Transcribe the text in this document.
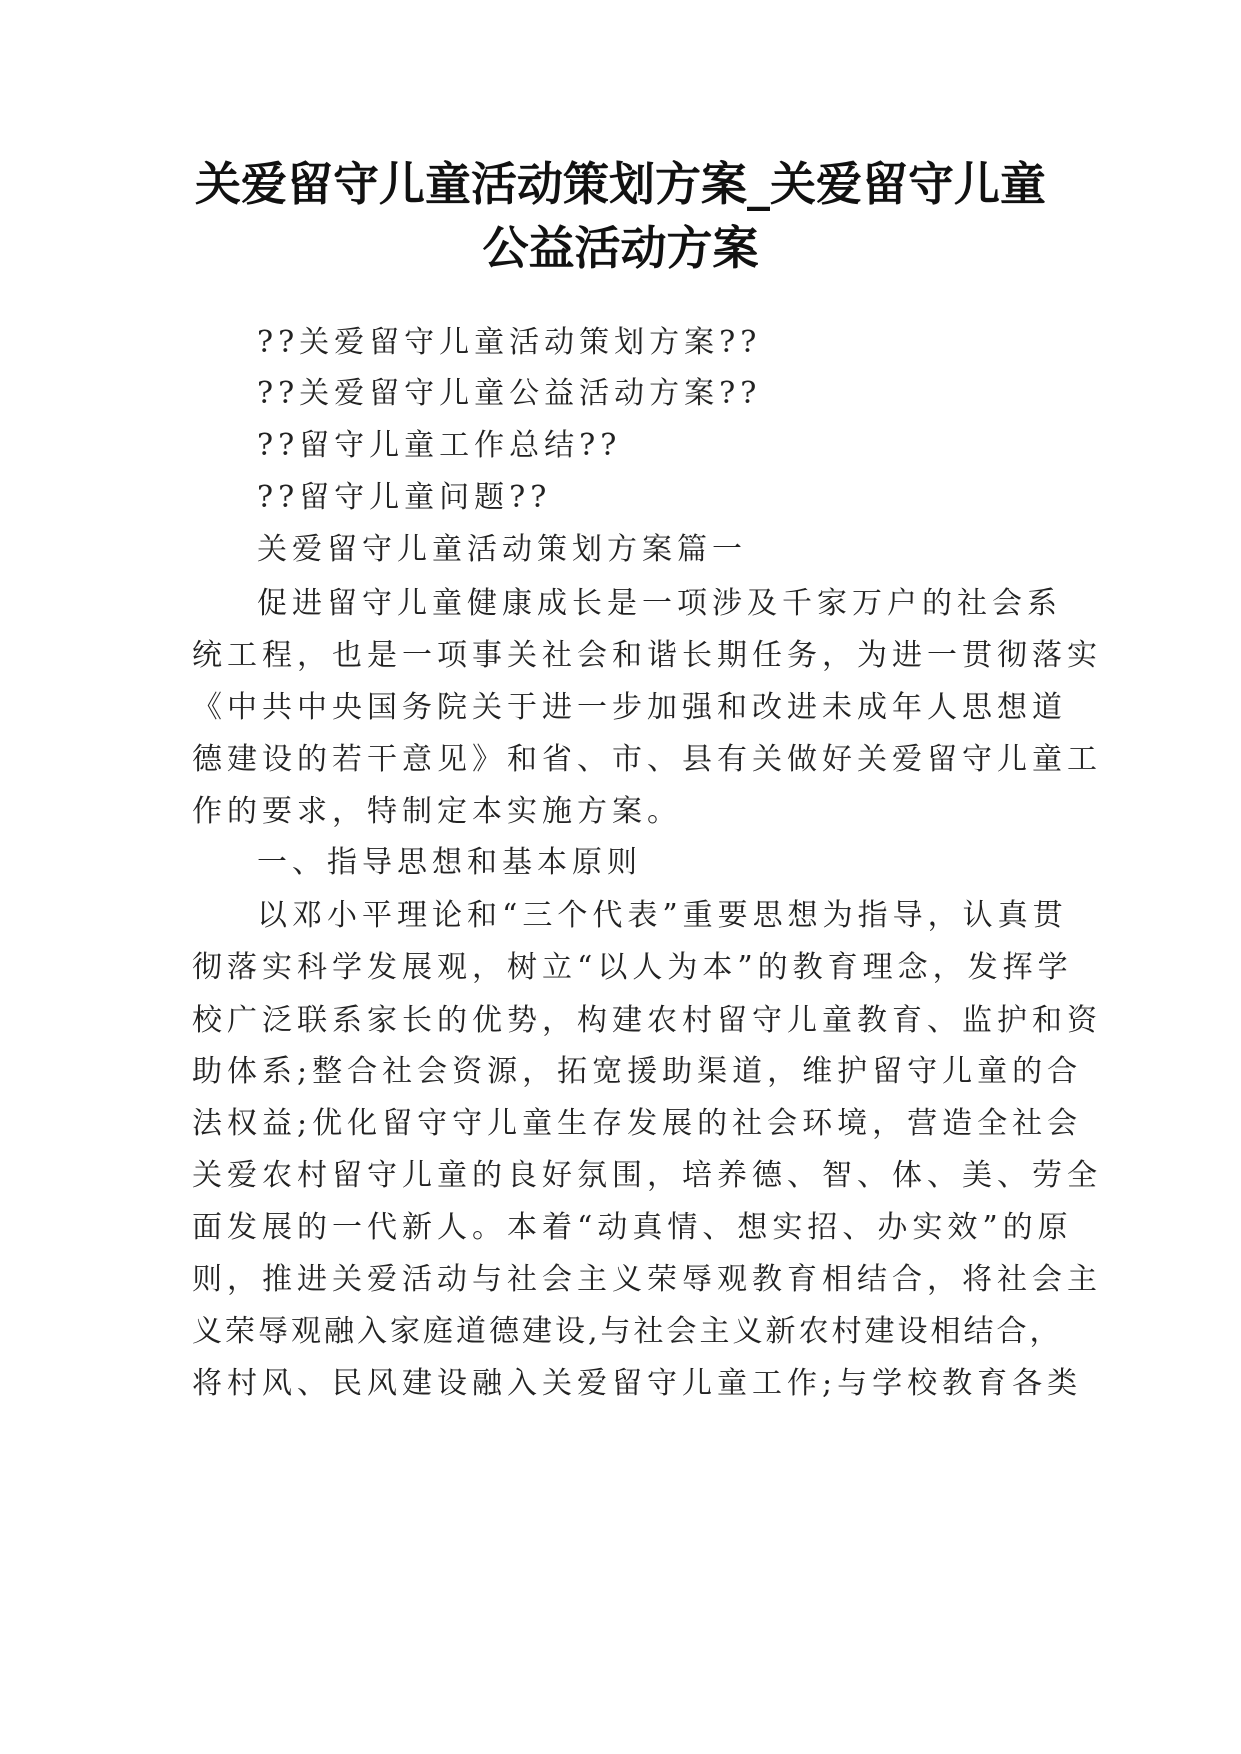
关爱留守儿童活动策划方案_关爱留守儿童
公益活动方案

??关爱留守儿童活动策划方案??

??关爱留守儿童公益活动方案??

??留守儿童工作总结??

??留守儿童问题??

关爱留守儿童活动策划方案篇一

促进留守儿童健康成长是一项涉及千家万户的社会系

统工程，也是一项事关社会和谐长期任务，为进一贯彻落实

《中共中央国务院关于进一步加强和改进未成年人思想道

德建设的若干意见》和省、市、县有关做好关爱留守儿童工

作的要求，特制定本实施方案。

一、指导思想和基本原则

以邓小平理论和“三个代表”重要思想为指导，认真贯

彻落实科学发展观，树立“以人为本”的教育理念，发挥学

校广泛联系家长的优势，构建农村留守儿童教育、监护和资

助体系;整合社会资源，拓宽援助渠道，维护留守儿童的合

法权益;优化留守守儿童生存发展的社会环境，营造全社会

关爱农村留守儿童的良好氛围，培养德、智、体、美、劳全

面发展的一代新人。本着“动真情、想实招、办实效”的原

则，推进关爱活动与社会主义荣辱观教育相结合，将社会主

义荣辱观融入家庭道德建设,与社会主义新农村建设相结合，

将村风、民风建设融入关爱留守儿童工作;与学校教育各类
